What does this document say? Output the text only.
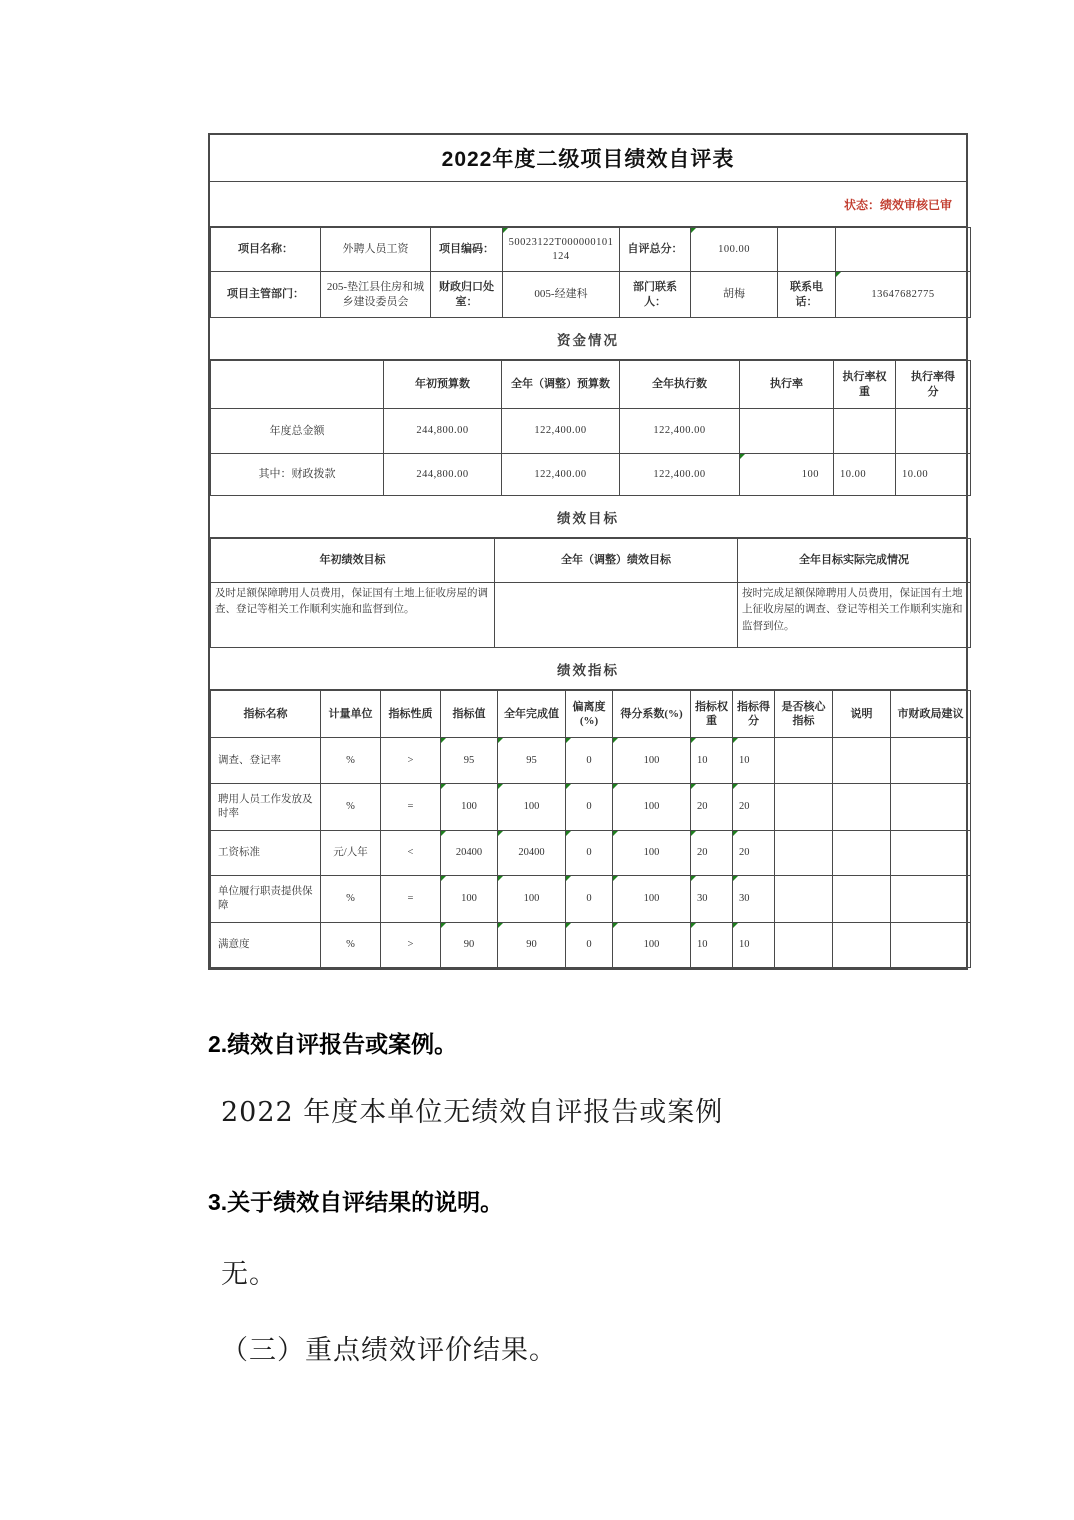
2022年度二级项目绩效自评表
状态：绩效审核已审
项目名称：	外聘人员工资	项目编码：	50023122T000000101124	自评总分：	100.00		
项目主管部门：	205-垫江县住房和城乡建设委员会	财政归口处室：	005-经建科	部门联系人：	胡梅	联系电话：	13647682775
资金情况
	年初预算数	全年（调整）预算数	全年执行数	执行率	执行率权重	执行率得分
年度总金额	244,800.00	122,400.00	122,400.00			
其中：财政拨款	244,800.00	122,400.00	122,400.00	100	10.00	10.00
绩效目标
年初绩效目标	全年（调整）绩效目标	全年目标实际完成情况
及时足额保障聘用人员费用，保证国有土地上征收房屋的调查、登记等相关工作顺利实施和监督到位。		按时完成足额保障聘用人员费用，保证国有土地上征收房屋的调查、登记等相关工作顺利实施和监督到位。
绩效指标
指标名称	计量单位	指标性质	指标值	全年完成值	偏离度(%)	得分系数(%)	指标权重	指标得分	是否核心指标	说明	市财政局建议
调查、登记率	%	>	95	95	0	100	10	10			
聘用人员工作发放及时率	%	=	100	100	0	100	20	20			
工资标准	元/人年	<	20400	20400	0	100	20	20			
单位履行职责提供保障	%	=	100	100	0	100	30	30			
满意度	%	>	90	90	0	100	10	10			
2.绩效自评报告或案例。
2022 年度本单位无绩效自评报告或案例
3.关于绩效自评结果的说明。
无。
（三）重点绩效评价结果。
